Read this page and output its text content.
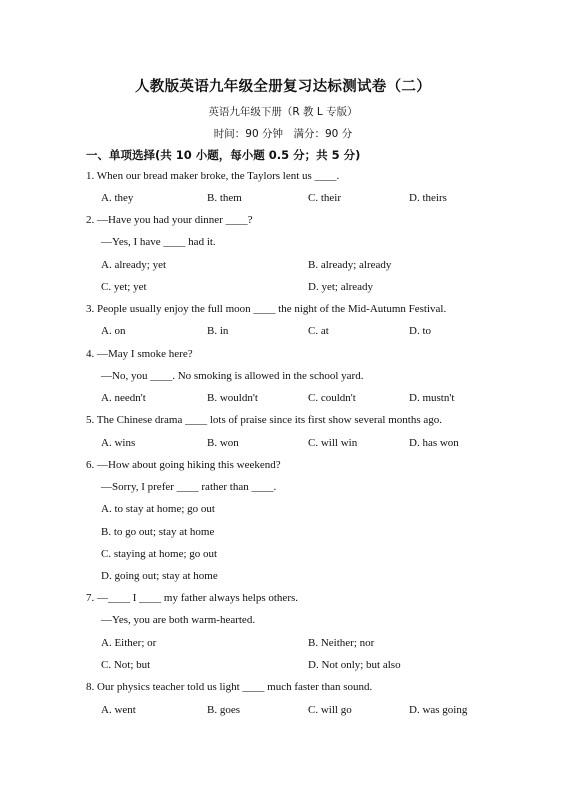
人教版英语九年级全册复习达标测试卷（二）
英语九年级下册（R 教 L 专版）
时间：90 分钟　满分：90 分
一、单项选择(共 10 小题，每小题 0.5 分；共 5 分)
1. When our bread maker broke, the Taylors lent us ____.
A. they	B. them	C. their	D. theirs
2. —Have you had your dinner ____?
—Yes, I have ____ had it.
A. already; yet	B. already; already
C. yet; yet	D. yet; already
3. People usually enjoy the full moon ____ the night of the Mid-Autumn Festival.
A. on	B. in	C. at	D. to
4. —May I smoke here?
—No, you ____. No smoking is allowed in the school yard.
A. needn't	B. wouldn't	C. couldn't	D. mustn't
5. The Chinese drama ____ lots of praise since its first show several months ago.
A. wins	B. won	C. will win	D. has won
6. —How about going hiking this weekend?
—Sorry, I prefer ____ rather than ____.
A. to stay at home; go out
B. to go out; stay at home
C. staying at home; go out
D. going out; stay at home
7. —____ I ____ my father always helps others.
—Yes, you are both warm-hearted.
A. Either; or	B. Neither; nor
C. Not; but	D. Not only; but also
8. Our physics teacher told us light ____ much faster than sound.
A. went	B. goes	C. will go	D. was going
